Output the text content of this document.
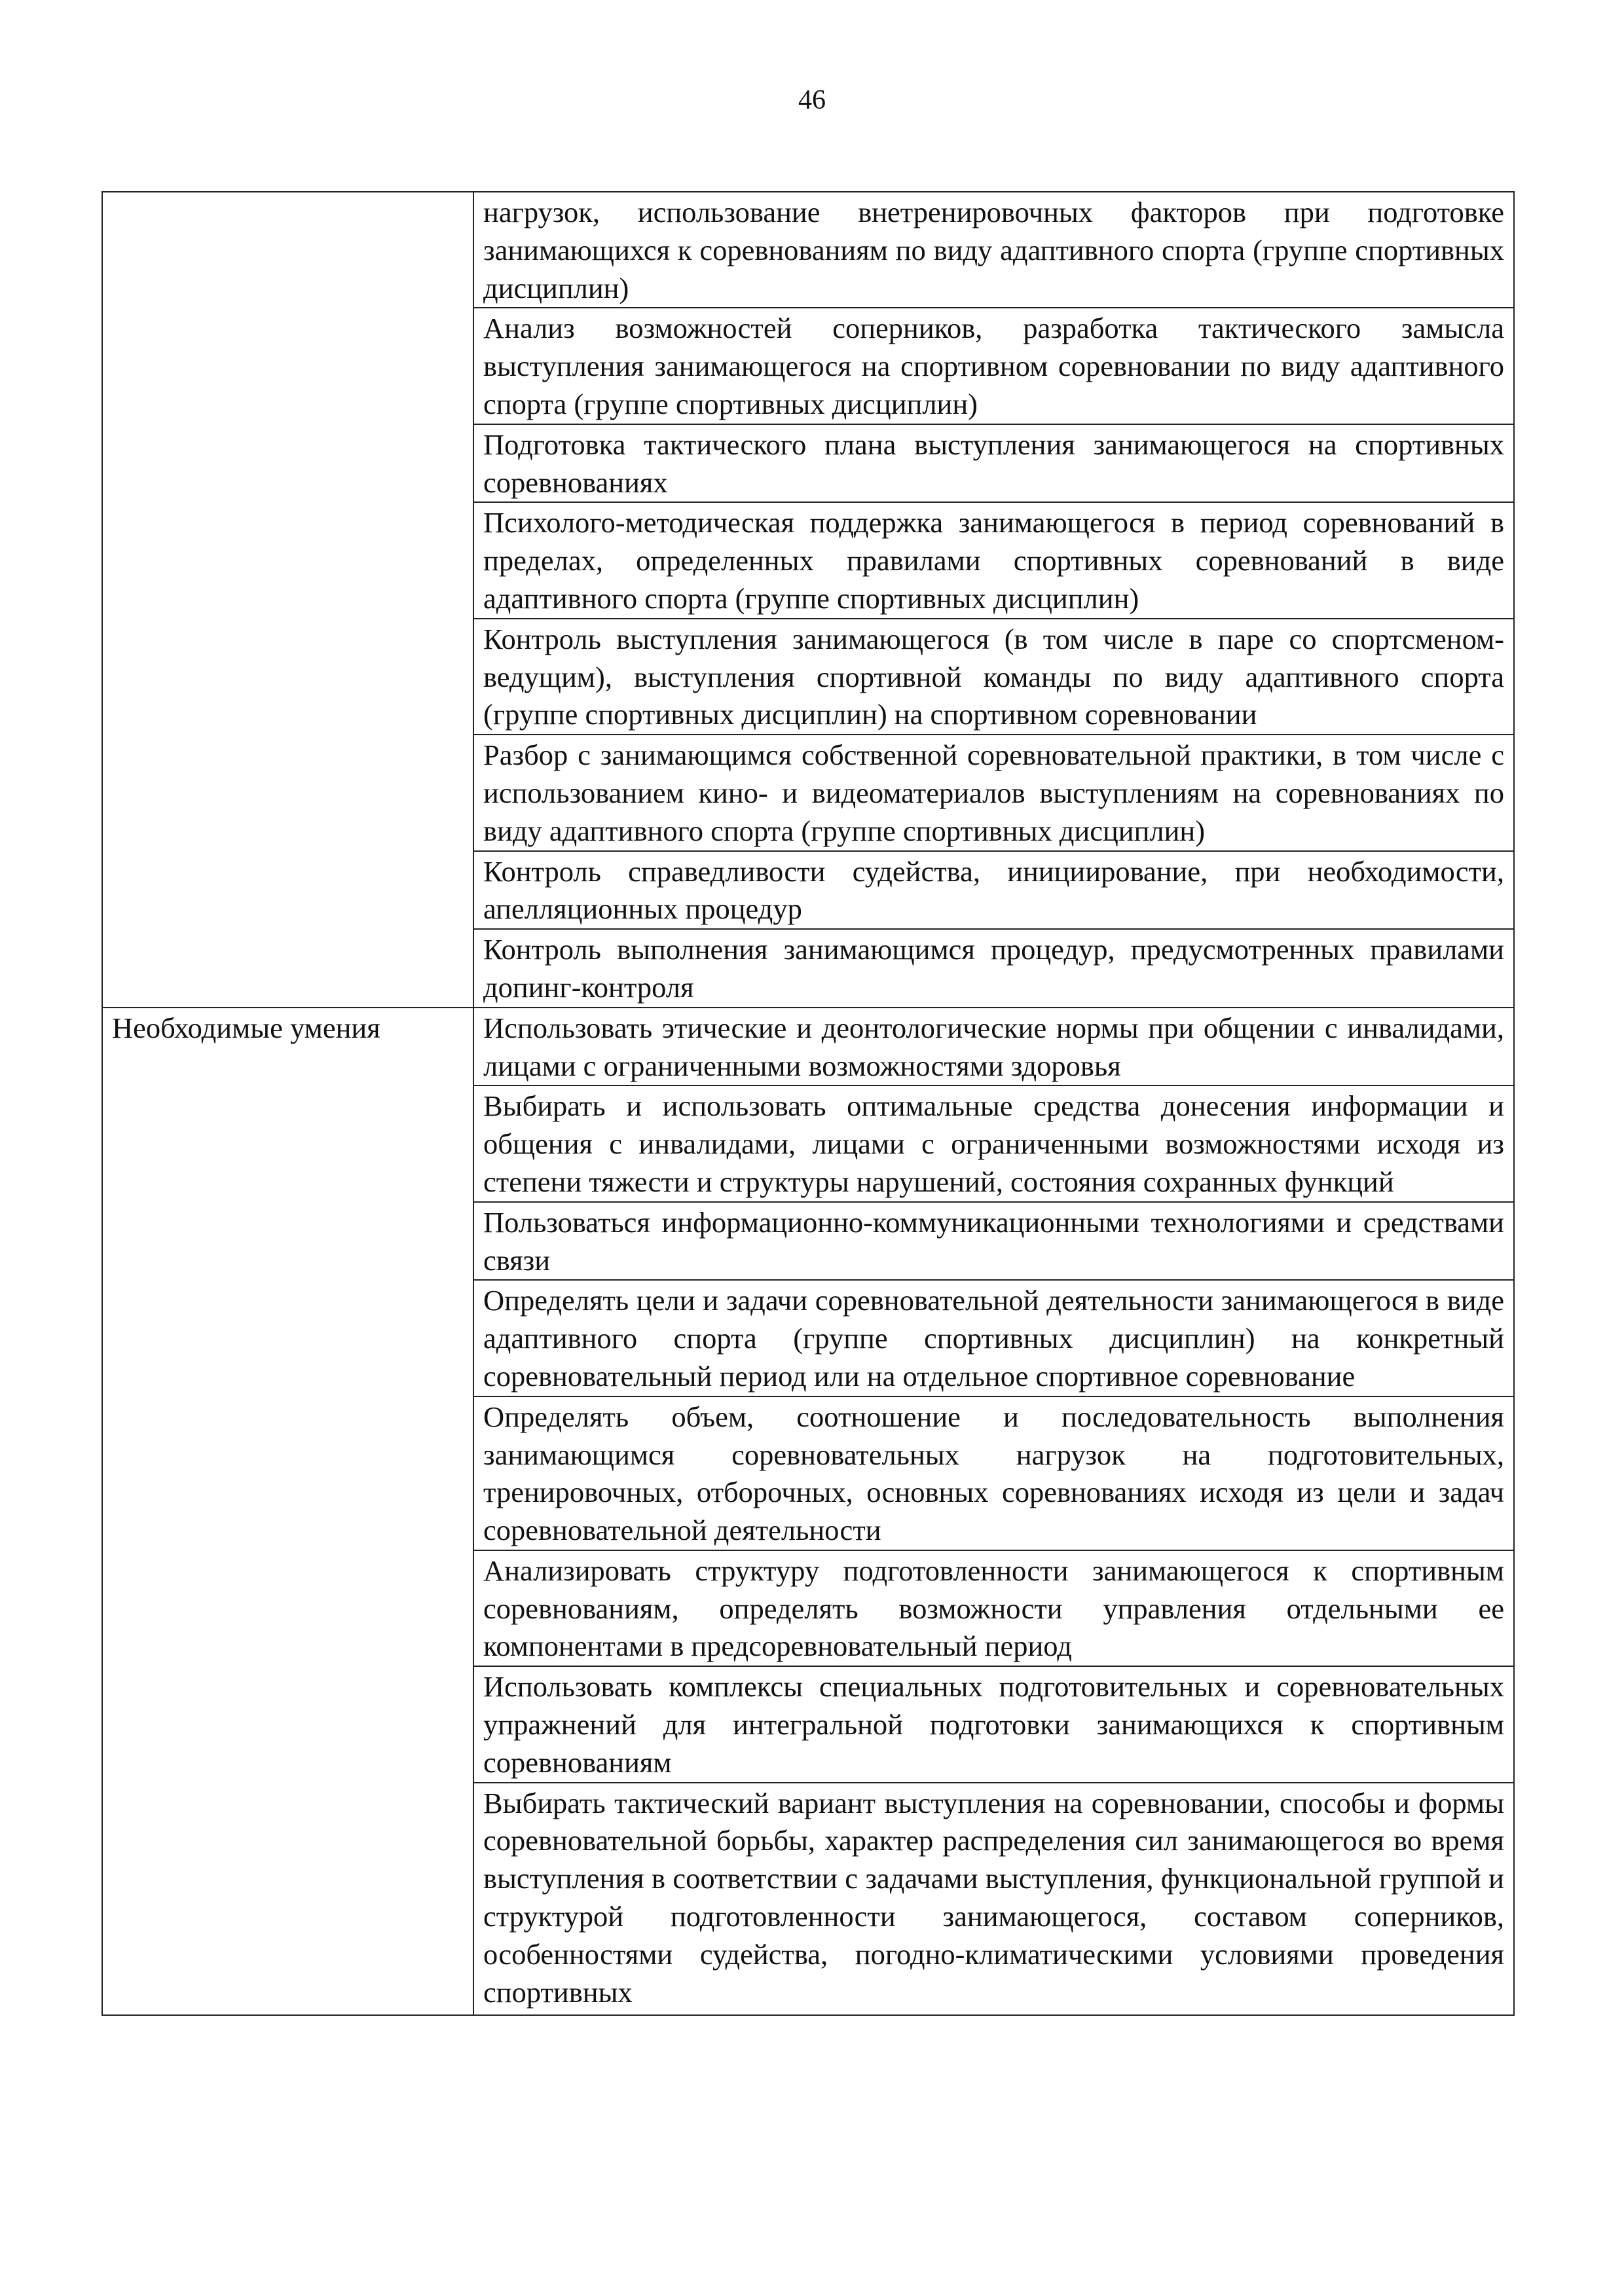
46
	нагрузок, использование внетренировочных факторов при подготовке занимающихся к соревнованиям по виду адаптивного спорта (группе спортивных дисциплин)
	Анализ возможностей соперников, разработка тактического замысла выступления занимающегося на спортивном соревновании по виду адаптивного спорта (группе спортивных дисциплин)
	Подготовка тактического плана выступления занимающегося на спортивных соревнованиях
	Психолого-методическая поддержка занимающегося в период соревнований в пределах, определенных правилами спортивных соревнований в виде адаптивного спорта (группе спортивных дисциплин)
	Контроль выступления занимающегося (в том числе в паре со спортсменом-ведущим), выступления спортивной команды по виду адаптивного спорта (группе спортивных дисциплин) на спортивном соревновании
	Разбор с занимающимся собственной соревновательной практики, в том числе с использованием кино- и видеоматериалов выступлениям на соревнованиях по виду адаптивного спорта (группе спортивных дисциплин)
	Контроль справедливости судейства, инициирование, при необходимости, апелляционных процедур
	Контроль выполнения занимающимся процедур, предусмотренных правилами допинг-контроля
Необходимые умения	Использовать этические и деонтологические нормы при общении с инвалидами, лицами с ограниченными возможностями здоровья
	Выбирать и использовать оптимальные средства донесения информации и общения с инвалидами, лицами с ограниченными возможностями исходя из степени тяжести и структуры нарушений, состояния сохранных функций
	Пользоваться информационно-коммуникационными технологиями и средствами связи
	Определять цели и задачи соревновательной деятельности занимающегося в виде адаптивного спорта (группе спортивных дисциплин) на конкретный соревновательный период или на отдельное спортивное соревнование
	Определять объем, соотношение и последовательность выполнения занимающимся соревновательных нагрузок на подготовительных, тренировочных, отборочных, основных соревнованиях исходя из цели и задач соревновательной деятельности
	Анализировать структуру подготовленности занимающегося к спортивным соревнованиям, определять возможности управления отдельными ее компонентами в предсоревновательный период
	Использовать комплексы специальных подготовительных и соревновательных упражнений для интегральной подготовки занимающихся к спортивным соревнованиям
	Выбирать тактический вариант выступления на соревновании, способы и формы соревновательной борьбы, характер распределения сил занимающегося во время выступления в соответствии с задачами выступления, функциональной группой и структурой подготовленности занимающегося, составом соперников, особенностями судейства, погодно-климатическими условиями проведения спортивных
